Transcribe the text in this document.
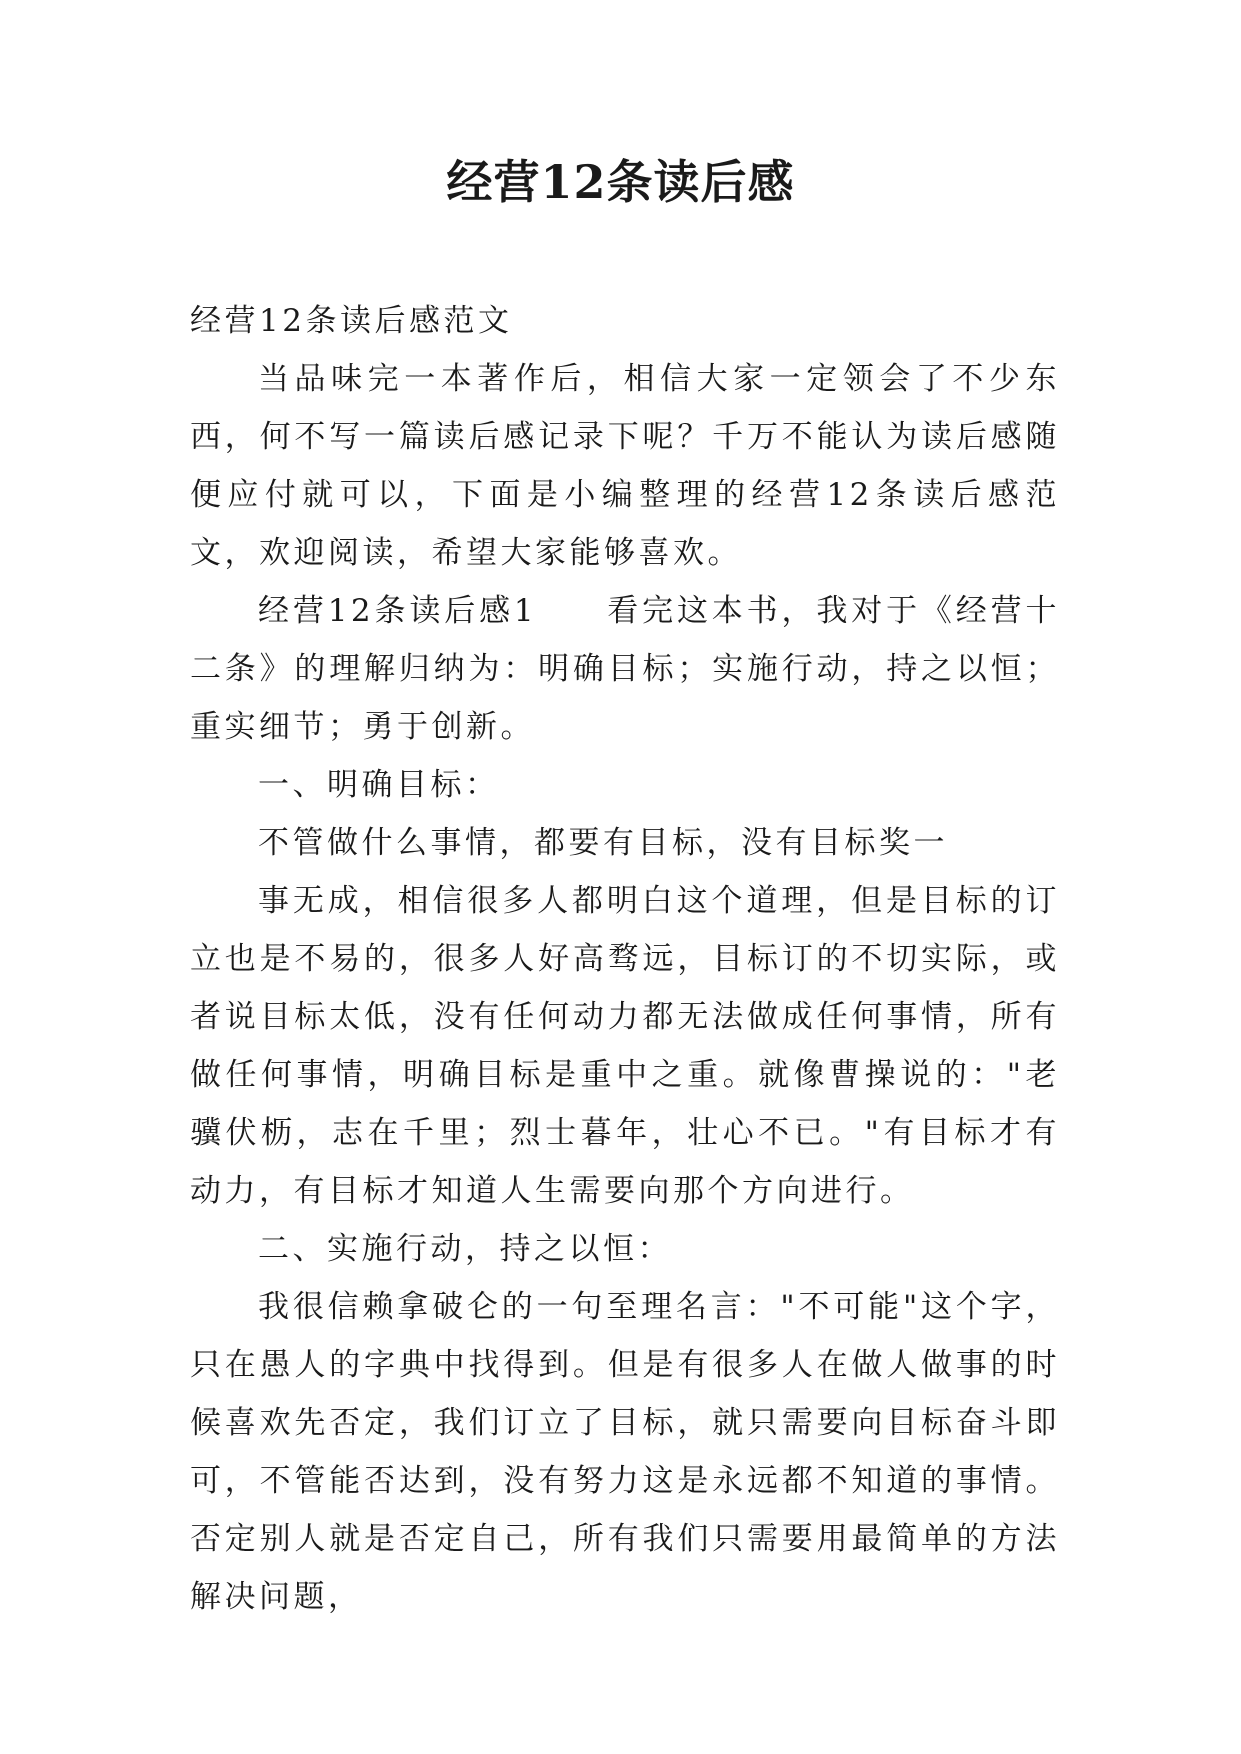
经营12条读后感

经营12条读后感范文

当品味完一本著作后，相信大家一定领会了不少东西，何不写一篇读后感记录下呢？千万不能认为读后感随便应付就可以，下面是小编整理的经营12条读后感范文，欢迎阅读，希望大家能够喜欢。

经营12条读后感1　　看完这本书，我对于《经营十二条》的理解归纳为：明确目标；实施行动，持之以恒；重实细节；勇于创新。

一、明确目标：

不管做什么事情，都要有目标，没有目标奖一

事无成，相信很多人都明白这个道理，但是目标的订立也是不易的，很多人好高骛远，目标订的不切实际，或者说目标太低，没有任何动力都无法做成任何事情，所有做任何事情，明确目标是重中之重。就像曹操说的："老骥伏枥，志在千里；烈士暮年，壮心不已。"有目标才有动力，有目标才知道人生需要向那个方向进行。

二、实施行动，持之以恒：

我很信赖拿破仑的一句至理名言："不可能"这个字，只在愚人的字典中找得到。但是有很多人在做人做事的时候喜欢先否定，我们订立了目标，就只需要向目标奋斗即可，不管能否达到，没有努力这是永远都不知道的事情。否定别人就是否定自己，所有我们只需要用最简单的方法解决问题，
